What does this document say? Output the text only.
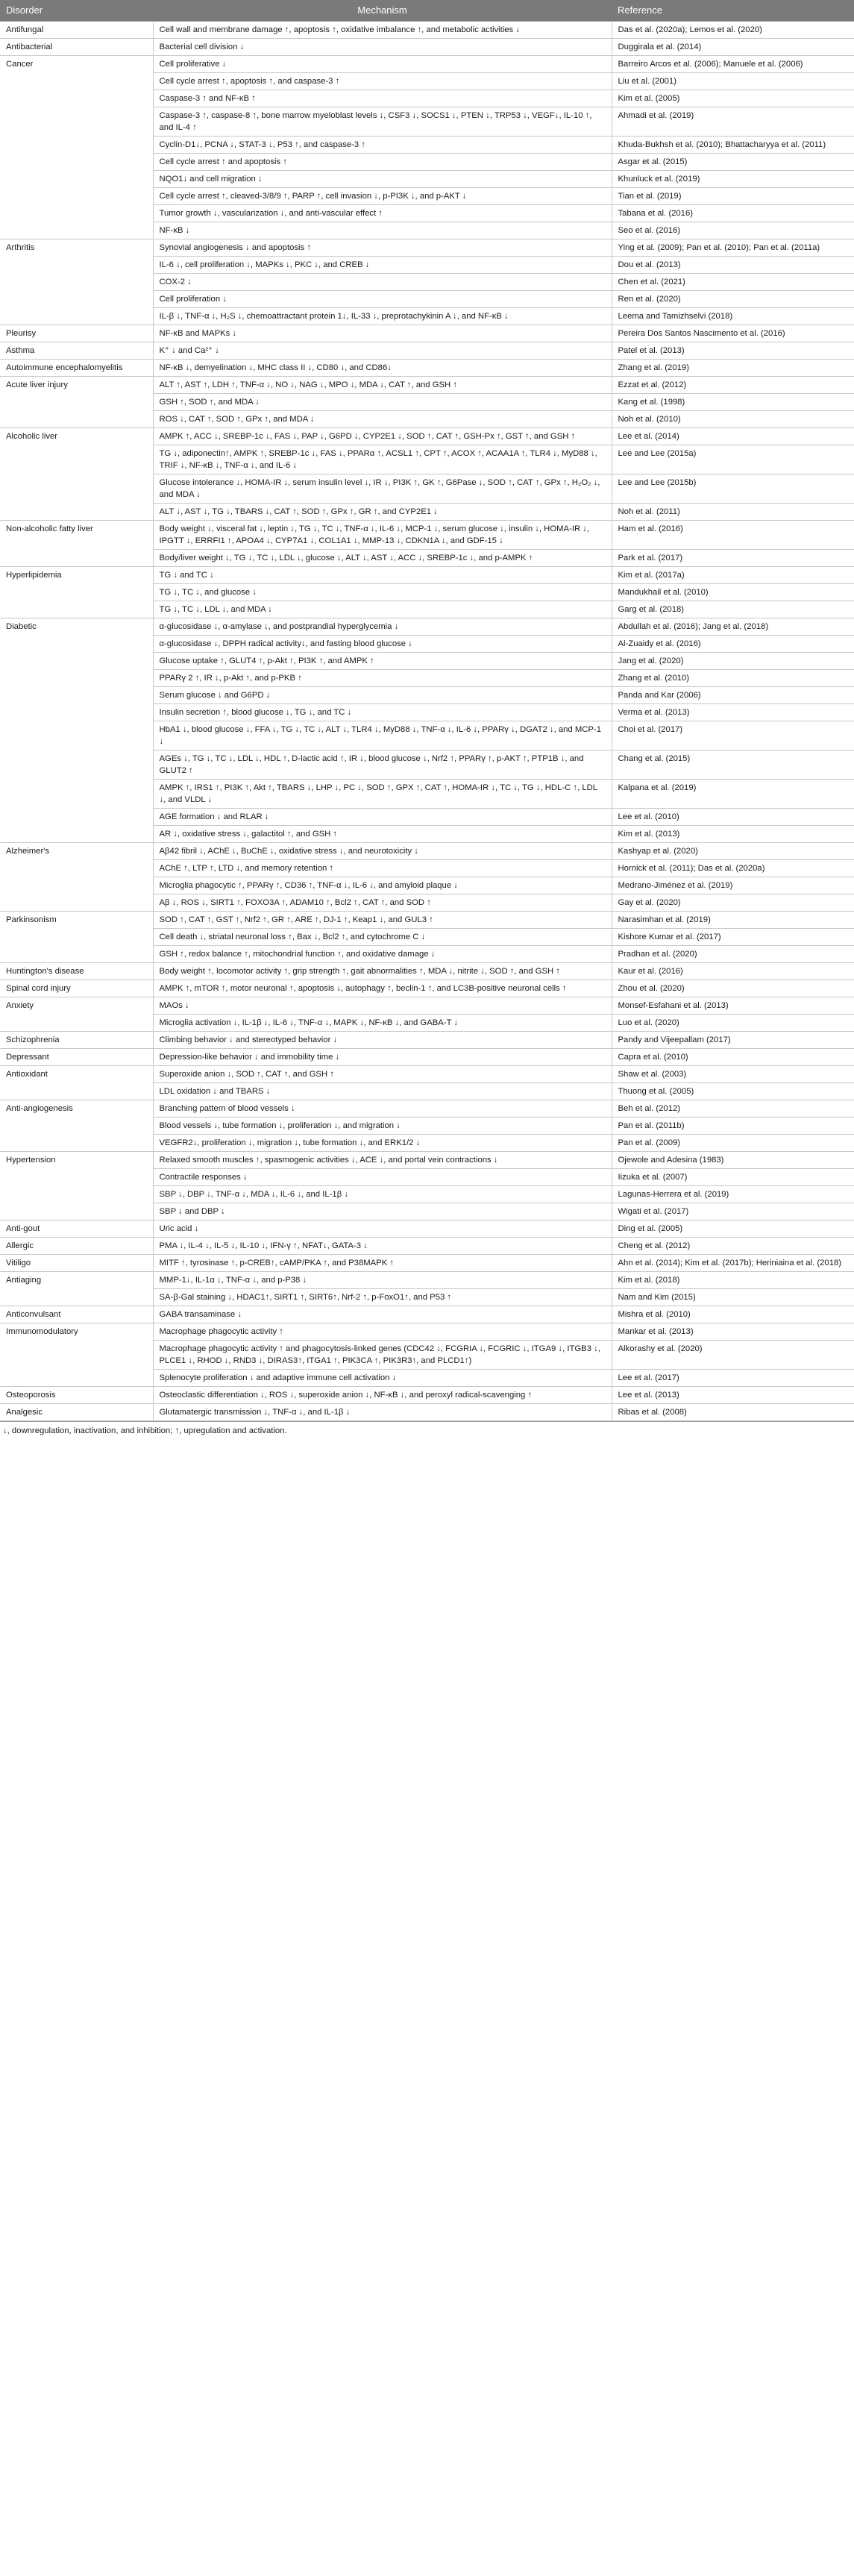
Disorder	Mechanism	Reference
Antifungal	Cell wall and membrane damage ↑, apoptosis ↑, oxidative imbalance ↑, and metabolic activities ↓	Das et al. (2020a); Lemos et al. (2020)
Antibacterial	Bacterial cell division ↓	Duggirala et al. (2014)
Cancer	Cell proliferative ↓	Barreiro Arcos et al. (2006); Manuele et al. (2006)
	Cell cycle arrest ↑, apoptosis ↑, and caspase-3 ↑	Liu et al. (2001)
	Caspase-3 ↑ and NF-κB ↑	Kim et al. (2005)
	Caspase-3 ↑, caspase-8 ↑, bone marrow myeloblast levels ↓, CSF3 ↓, SOCS1 ↓, PTEN ↓, TRP53 ↓, VEGF↓, IL-10 ↑, and IL-4 ↑	Ahmadi et al. (2019)
	Cyclin-D1↓, PCNA ↓, STAT-3 ↓, P53 ↑, and caspase-3 ↑	Khuda-Bukhsh et al. (2010); Bhattacharyya et al. (2011)
	Cell cycle arrest ↑ and apoptosis ↑	Asgar et al. (2015)
	NQO1↓ and cell migration ↓	Khunluck et al. (2019)
	Cell cycle arrest ↑, cleaved-3/8/9 ↑, PARP ↑, cell invasion ↓, p-PI3K ↓, and p-AKT ↓	Tian et al. (2019)
	Tumor growth ↓, vascularization ↓, and anti-vascular effect ↑	Tabana et al. (2016)
	NF-κB ↓	Seo et al. (2016)
Arthritis	Synovial angiogenesis ↓ and apoptosis ↑	Ying et al. (2009); Pan et al. (2010); Pan et al. (2011a)
	IL-6 ↓, cell proliferation ↓, MAPKs ↓, PKC ↓, and CREB ↓	Dou et al. (2013)
	COX-2 ↓	Chen et al. (2021)
	Cell proliferation ↓	Ren et al. (2020)
	IL-β ↓, TNF-α ↓, H₂S ↓, chemoattractant protein 1↓, IL-33 ↓, preprotachykinin A ↓, and NF-κB ↓	Leema and Tamizhselvi (2018)
Pleurisy	NF-κB and MAPKs ↓	Pereira Dos Santos Nascimento et al. (2016)
Asthma	K⁺ ↓ and Ca²⁺ ↓	Patel et al. (2013)
Autoimmune encephalomyelitis	NF-κB ↓, demyelination ↓, MHC class II ↓, CD80 ↓, and CD86↓	Zhang et al. (2019)
Acute liver injury	ALT ↑, AST ↑, LDH ↑, TNF-α ↓, NO ↓, NAG ↓, MPO ↓, MDA ↓, CAT ↑, and GSH ↑	Ezzat et al. (2012)
	GSH ↑, SOD ↑, and MDA ↓	Kang et al. (1998)
	ROS ↓, CAT ↑, SOD ↑, GPx ↑, and MDA ↓	Noh et al. (2010)
Alcoholic liver	AMPK ↑, ACC ↓, SREBP-1c ↓, FAS ↓, PAP ↓, G6PD ↓, CYP2E1 ↓, SOD ↑, CAT ↑, GSH-Px ↑, GST ↑, and GSH ↑	Lee et al. (2014)
	TG ↓, adiponectin↑, AMPK ↑, SREBP-1c ↓, FAS ↓, PPARα ↑, ACSL1 ↑, CPT ↑, ACOX ↑, ACAA1A ↑, TLR4 ↓, MyD88 ↓, TRIF ↓, NF-κB ↓, TNF-α ↓, and IL-6 ↓	Lee and Lee (2015a)
	Glucose intolerance ↓, HOMA-IR ↓, serum insulin level ↓, IR ↓, PI3K ↑, GK ↑, G6Pase ↓, SOD ↑, CAT ↑, GPx ↑, H₂O₂ ↓, and MDA ↓	Lee and Lee (2015b)
	ALT ↓, AST ↓, TG ↓, TBARS ↓, CAT ↑, SOD ↑, GPx ↑, GR ↑, and CYP2E1 ↓	Noh et al. (2011)
Non-alcoholic fatty liver	Body weight ↓, visceral fat ↓, leptin ↓, TG ↓, TC ↓, TNF-α ↓, IL-6 ↓, MCP-1 ↓, serum glucose ↓, insulin ↓, HOMA-IR ↓, IPGTT ↓, ERRFI1 ↑, APOA4 ↓, CYP7A1 ↓, COL1A1 ↓, MMP-13 ↓, CDKN1A ↓, and GDF-15 ↓	Ham et al. (2016)
	Body/liver weight ↓, TG ↓, TC ↓, LDL ↓, glucose ↓, ALT ↓, AST ↓, ACC ↓, SREBP-1c ↓, and p-AMPK ↑	Park et al. (2017)
Hyperlipidemia	TG ↓ and TC ↓	Kim et al. (2017a)
	TG ↓, TC ↓, and glucose ↓	Mandukhail et al. (2010)
	TG ↓, TC ↓, LDL ↓, and MDA ↓	Garg et al. (2018)
Diabetic	α-glucosidase ↓, α-amylase ↓, and postprandial hyperglycemia ↓	Abdullah et al. (2016); Jang et al. (2018)
	α-glucosidase ↓, DPPH radical activity↓, and fasting blood glucose ↓	Al-Zuaidy et al. (2016)
	Glucose uptake ↑, GLUT4 ↑, p-Akt ↑, PI3K ↑, and AMPK ↑	Jang et al. (2020)
	PPARγ 2 ↑, IR ↓, p-Akt ↑, and p-PKB ↑	Zhang et al. (2010)
	Serum glucose ↓ and G6PD ↓	Panda and Kar (2006)
	Insulin secretion ↑, blood glucose ↓, TG ↓, and TC ↓	Verma et al. (2013)
	HbA1 ↓, blood glucose ↓, FFA ↓, TG ↓, TC ↓, ALT ↓, TLR4 ↓, MyD88 ↓, TNF-α ↓, IL-6 ↓, PPARγ ↓, DGAT2 ↓, and MCP-1 ↓	Choi et al. (2017)
	AGEs ↓, TG ↓, TC ↓, LDL ↓, HDL ↑, D-lactic acid ↑, IR ↓, blood glucose ↓, Nrf2 ↑, PPARγ ↑, p-AKT ↑, PTP1B ↓, and GLUT2 ↑	Chang et al. (2015)
	AMPK ↑, IRS1 ↑, PI3K ↑, Akt ↑, TBARS ↓, LHP ↓, PC ↓, SOD ↑, GPX ↑, CAT ↑, HOMA-IR ↓, TC ↓, TG ↓, HDL-C ↑, LDL ↓, and VLDL ↓	Kalpana et al. (2019)
	AGE formation ↓ and RLAR ↓	Lee et al. (2010)
	AR ↓, oxidative stress ↓, galactitol ↑, and GSH ↑	Kim et al. (2013)
Alzheimer's	Aβ42 fibril ↓, AChE ↓, BuChE ↓, oxidative stress ↓, and neurotoxicity ↓	Kashyap et al. (2020)
	AChE ↑, LTP ↑, LTD ↓, and memory retention ↑	Hornick et al. (2011); Das et al. (2020a)
	Microglia phagocytic ↑, PPARγ ↑, CD36 ↑, TNF-α ↓, IL-6 ↓, and amyloid plaque ↓	Medrano-Jiménez et al. (2019)
	Aβ ↓, ROS ↓, SIRT1 ↑, FOXO3A ↑, ADAM10 ↑, Bcl2 ↑, CAT ↑, and SOD ↑	Gay et al. (2020)
Parkinsonism	SOD ↑, CAT ↑, GST ↑, Nrf2 ↑, GR ↑, ARE ↑, DJ-1 ↑, Keap1 ↓, and GUL3 ↑	Narasimhan et al. (2019)
	Cell death ↓, striatal neuronal loss ↑, Bax ↓, Bcl2 ↑, and cytochrome C ↓	Kishore Kumar et al. (2017)
	GSH ↑, redox balance ↑, mitochondrial function ↑, and oxidative damage ↓	Pradhan et al. (2020)
Huntington's disease	Body weight ↑, locomotor activity ↑, grip strength ↑, gait abnormalities ↑, MDA ↓, nitrite ↓, SOD ↑, and GSH ↑	Kaur et al. (2016)
Spinal cord injury	AMPK ↑, mTOR ↑, motor neuronal ↑, apoptosis ↓, autophagy ↑, beclin-1 ↑, and LC3B-positive neuronal cells ↑	Zhou et al. (2020)
Anxiety	MAOs ↓	Monsef-Esfahani et al. (2013)
	Microglia activation ↓, IL-1β ↓, IL-6 ↓, TNF-α ↓, MAPK ↓, NF-κB ↓, and GABA-T ↓	Luo et al. (2020)
Schizophrenia	Climbing behavior ↓ and stereotyped behavior ↓	Pandy and Vijeepallam (2017)
Depressant	Depression-like behavior ↓ and immobility time ↓	Capra et al. (2010)
Antioxidant	Superoxide anion ↓, SOD ↑, CAT ↑, and GSH ↑	Shaw et al. (2003)
	LDL oxidation ↓ and TBARS ↓	Thuong et al. (2005)
Anti-angiogenesis	Branching pattern of blood vessels ↓	Beh et al. (2012)
	Blood vessels ↓, tube formation ↓, proliferation ↓, and migration ↓	Pan et al. (2011b)
	VEGFR2↓, proliferation ↓, migration ↓, tube formation ↓, and ERK1/2 ↓	Pan et al. (2009)
Hypertension	Relaxed smooth muscles ↑, spasmogenic activities ↓, ACE ↓, and portal vein contractions ↓	Ojewole and Adesina (1983)
	Contractile responses ↓	Iizuka et al. (2007)
	SBP ↓, DBP ↓, TNF-α ↓, MDA ↓, IL-6 ↓, and IL-1β ↓	Lagunas-Herrera et al. (2019)
	SBP ↓ and DBP ↓	Wigati et al. (2017)
Anti-gout	Uric acid ↓	Ding et al. (2005)
Allergic	PMA ↓, IL-4 ↓, IL-5 ↓, IL-10 ↓, IFN-γ ↑, NFAT↓, GATA-3 ↓	Cheng et al. (2012)
Vitiligo	MITF ↑, tyrosinase ↑, p-CREB↑, cAMP/PKA ↑, and P38MAPK ↑	Ahn et al. (2014); Kim et al. (2017b); Heriniaina et al. (2018)
Antiaging	MMP-1↓, IL-1α ↓, TNF-α ↓, and p-P38 ↓	Kim et al. (2018)
	SA-β-Gal staining ↓, HDAC1↑, SIRT1 ↑, SIRT6↑, Nrf-2 ↑, p-FoxO1↑, and P53 ↑	Nam and Kim (2015)
Anticonvulsant	GABA transaminase ↓	Mishra et al. (2010)
Immunomodulatory	Macrophage phagocytic activity ↑	Mankar et al. (2013)
	Macrophage phagocytic activity ↑ and phagocytosis-linked genes (CDC42 ↓, FCGRIA ↓, FCGRIC ↓, ITGA9 ↓, ITGB3 ↓, PLCE1 ↓, RHOD ↓, RND3 ↓, DIRAS3↑, ITGA1 ↑, PIK3CA ↑, PIK3R3↑, and PLCD1↑)	Alkorashy et al. (2020)
	Splenocyte proliferation ↓ and adaptive immune cell activation ↓	Lee et al. (2017)
Osteoporosis	Osteoclastic differentiation ↓, ROS ↓, superoxide anion ↓, NF-κB ↓, and peroxyl radical-scavenging ↑	Lee et al. (2013)
Analgesic	Glutamatergic transmission ↓, TNF-α ↓, and IL-1β ↓	Ribas et al. (2008)
↓, downregulation, inactivation, and inhibition; ↑, upregulation and activation.
